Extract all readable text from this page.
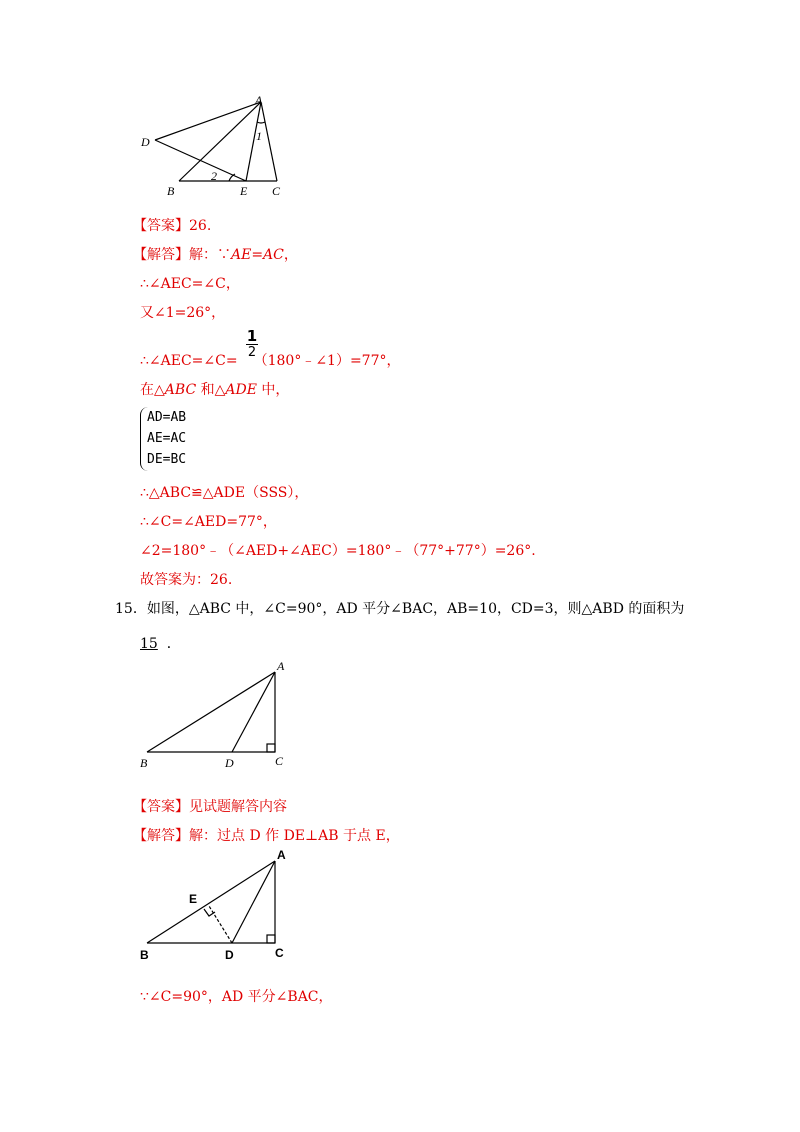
A
D
B	E C
1
2
【答案】26.
【解答】解：∵AE=AC，
∴∠AEC=∠C，
又∠1=26°，
∴∠AEC=∠C= （180°﹣∠1）=77°，
1
2
在△ABC 和△ADE 中，
AD=AB
AE=AC
DE=BC
∴△ABC≌△ADE（SSS），
∴∠C=∠AED=77°，
∠2=180°﹣（∠AED+∠AEC）=180°﹣（77°+77°）=26°.
故答案为：26.
15．如图，△ABC 中，∠C=90°，AD 平分∠BAC，AB=10，CD=3，则△ABD 的面积为
15 ．
A
B	D	C
【答案】见试题解答内容
【解答】解：过点 D 作 DE⊥AB 于点 E，
A
B	D	C
E
∵∠C=90°，AD 平分∠BAC，
